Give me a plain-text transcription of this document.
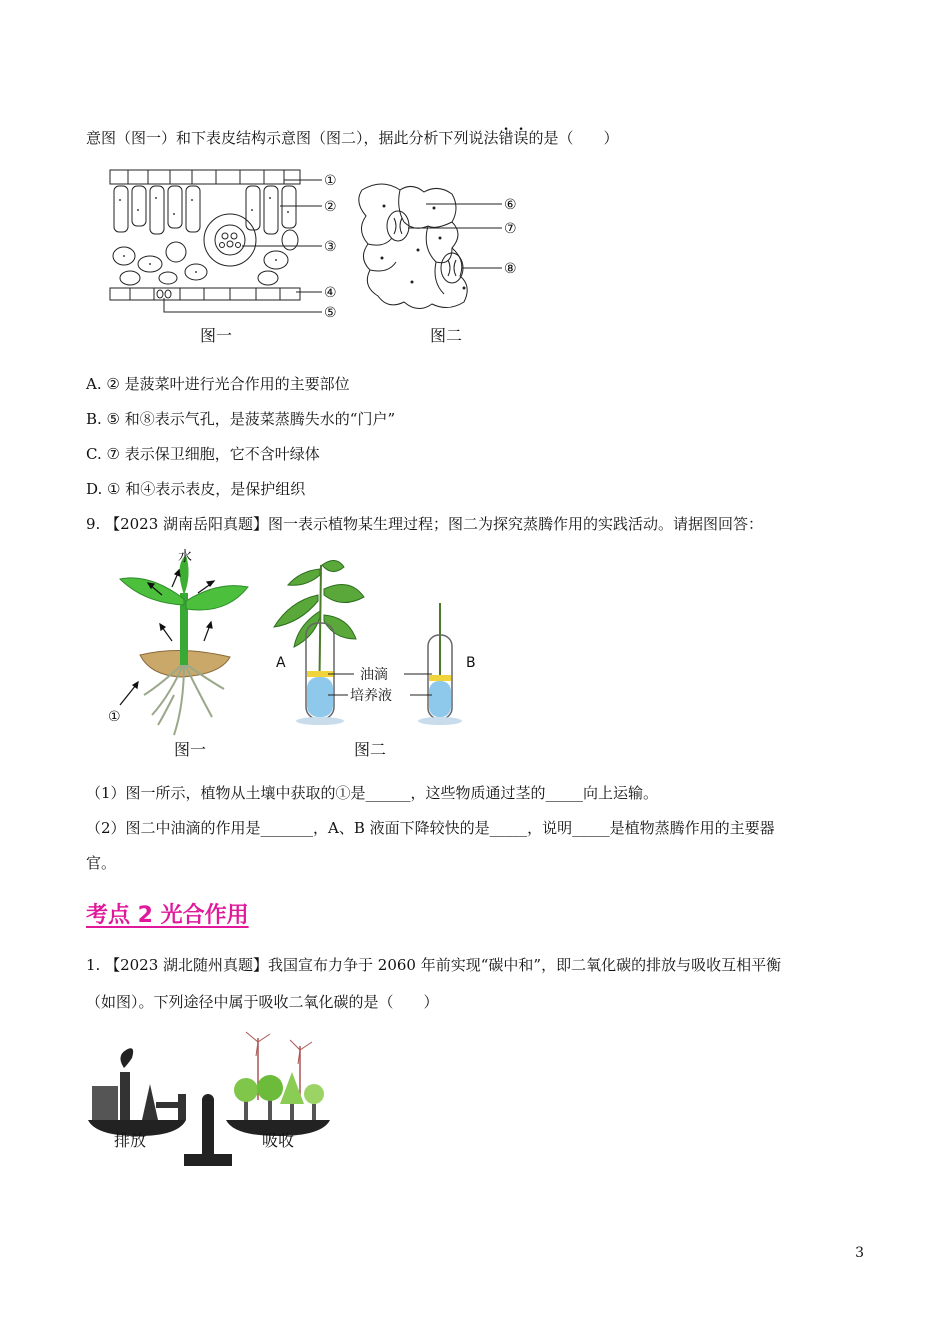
意图（图一）和下表皮结构示意图（图二），据此分析下列说法错误的是（　　）
①
②
③
④
⑤
图一
⑥
⑦
⑧
图二
A. ② 是菠菜叶进行光合作用的主要部位
B. ⑤ 和⑧表示气孔，是菠菜蒸腾失水的“门户”
C. ⑦ 表示保卫细胞，它不含叶绿体
D. ① 和④表示表皮，是保护组织
9. 【2023 湖南岳阳真题】图一表示植物某生理过程；图二为探究蒸腾作用的实践活动。请据图回答：
水
①
图一
油滴
培养液
A	B
图二
（1）图一所示，植物从土壤中获取的①是______，这些物质通过茎的_____向上运输。
（2）图二中油滴的作用是_______，A、B 液面下降较快的是_____，说明_____是植物蒸腾作用的主要器
官。
考点 2 光合作用
1. 【2023 湖北随州真题】我国宣布力争于 2060 年前实现“碳中和”，即二氧化碳的排放与吸收互相平衡
（如图）。下列途径中属于吸收二氧化碳的是（　　）
排放	吸收
3
